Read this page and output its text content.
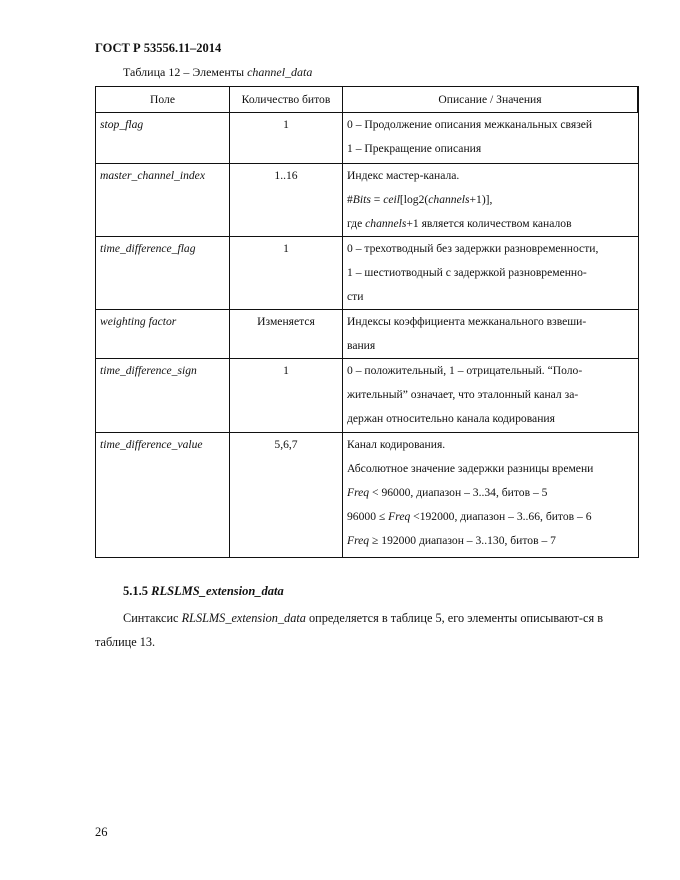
ГОСТ Р 53556.11–2014
Таблица 12 – Элементы channel_data
Поле	Количество битов	Описание / Значения
stop_flag	1	0 – Продолжение описания межканальных связей
1 – Прекращение описания

master_channel_index	1..16	Индекс мастер-канала.
#Bits = ceil[log2(channels+1)],
где channels+1 является количеством каналов

time_difference_flag	1	0 – трехотводный без задержки разновременности,
1 – шестиотводный с задержкой разновременно-
сти

weighting factor	Изменяется	Индексы коэффициента межканального взвеши-
вания

time_difference_sign	1	0 – положительный, 1 – отрицательный. “Поло-
жительный” означает, что эталонный канал за-
держан относительно канала кодирования

time_difference_value	5,6,7	Канал кодирования.
Абсолютное значение задержки разницы времени
Freq < 96000, диапазон – 3..34, битов – 5
96000 ≤ Freq <192000, диапазон – 3..66, битов – 6
Freq ≥ 192000 диапазон – 3..130, битов – 7
5.1.5 RLSLMS_extension_data
Синтаксис RLSLMS_extension_data определяется в таблице 5, его элементы описывают-ся в таблице 13.
26
